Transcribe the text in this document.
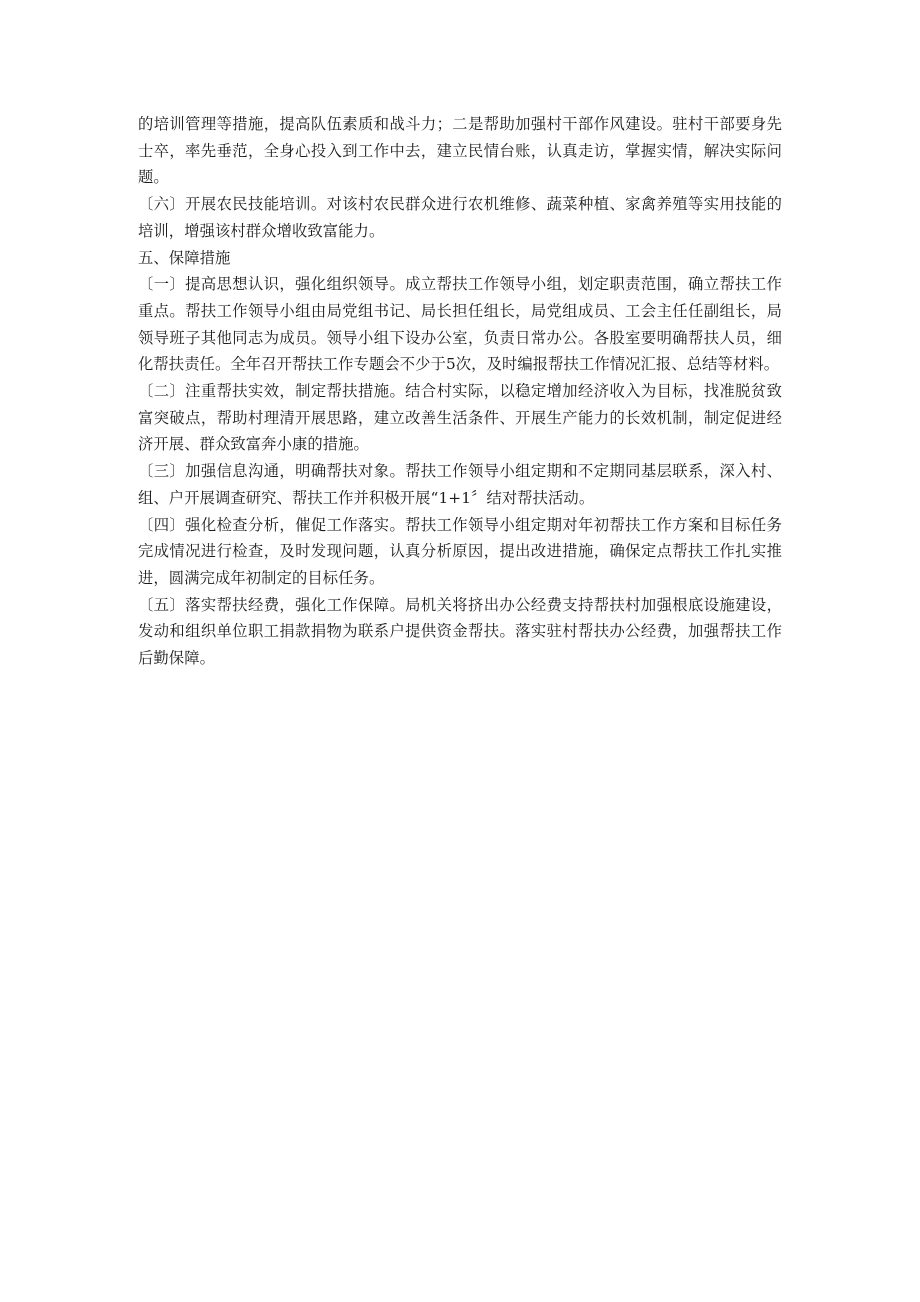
的培训管理等措施，提高队伍素质和战斗力；二是帮助加强村干部作风建设。驻村干部要身先士卒，率先垂范，全身心投入到工作中去，建立民情台账，认真走访，掌握实情，解决实际问题。

〔六〕开展农民技能培训。对该村农民群众进行农机维修、蔬菜种植、家禽养殖等实用技能的培训，增强该村群众增收致富能力。

五、保障措施

〔一〕提高思想认识，强化组织领导。成立帮扶工作领导小组，划定职责范围，确立帮扶工作重点。帮扶工作领导小组由局党组书记、局长担任组长，局党组成员、工会主任任副组长，局领导班子其他同志为成员。领导小组下设办公室，负责日常办公。各股室要明确帮扶人员，细化帮扶责任。全年召开帮扶工作专题会不少于5次，及时编报帮扶工作情况汇报、总结等材料。

〔二〕注重帮扶实效，制定帮扶措施。结合村实际，以稳定增加经济收入为目标，找准脱贫致富突破点，帮助村理清开展思路，建立改善生活条件、开展生产能力的长效机制，制定促进经济开展、群众致富奔小康的措施。

〔三〕加强信息沟通，明确帮扶对象。帮扶工作领导小组定期和不定期同基层联系，深入村、组、户开展调查研究、帮扶工作并积极开展“1+1〞结对帮扶活动。

〔四〕强化检查分析，催促工作落实。帮扶工作领导小组定期对年初帮扶工作方案和目标任务完成情况进行检查，及时发现问题，认真分析原因，提出改进措施，确保定点帮扶工作扎实推进，圆满完成年初制定的目标任务。

〔五〕落实帮扶经费，强化工作保障。局机关将挤出办公经费支持帮扶村加强根底设施建设，发动和组织单位职工捐款捐物为联系户提供资金帮扶。落实驻村帮扶办公经费，加强帮扶工作后勤保障。
